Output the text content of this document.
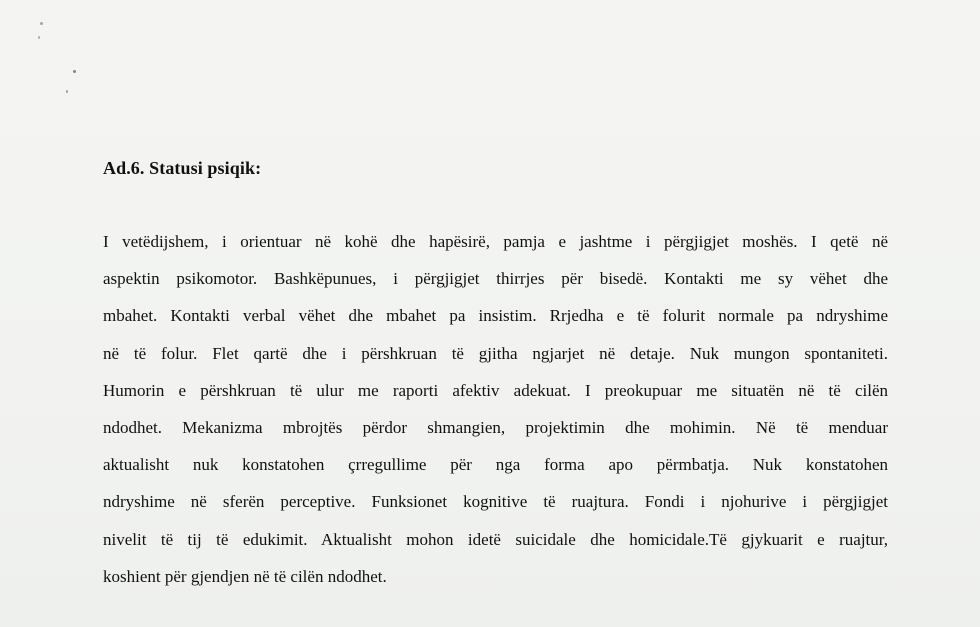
Ad.6. Statusi psiqik:
I vetëdijshem, i orientuar në kohë dhe hapësirë, pamja e jashtme i përgjigjet moshës. I qetë në
aspektin psikomotor. Bashkëpunues, i përgjigjet thirrjes për bisedë. Kontakti me sy vëhet dhe
mbahet. Kontakti verbal vëhet dhe mbahet pa insistim. Rrjedha e të folurit normale pa ndryshime
në të folur. Flet qartë dhe i përshkruan të gjitha ngjarjet në detaje. Nuk mungon spontaniteti.
Humorin e përshkruan të ulur me raporti afektiv adekuat. I preokupuar me situatën në të cilën
ndodhet. Mekanizma mbrojtës përdor shmangien, projektimin dhe mohimin. Në të menduar
aktualisht nuk konstatohen çrregullime për nga forma apo përmbatja. Nuk konstatohen
ndryshime në sferën perceptive. Funksionet kognitive të ruajtura. Fondi i njohurive i përgjigjet
nivelit të tij të edukimit. Aktualisht mohon idetë suicidale dhe homicidale.Të gjykuarit e ruajtur,
koshient për gjendjen në të cilën ndodhet.
